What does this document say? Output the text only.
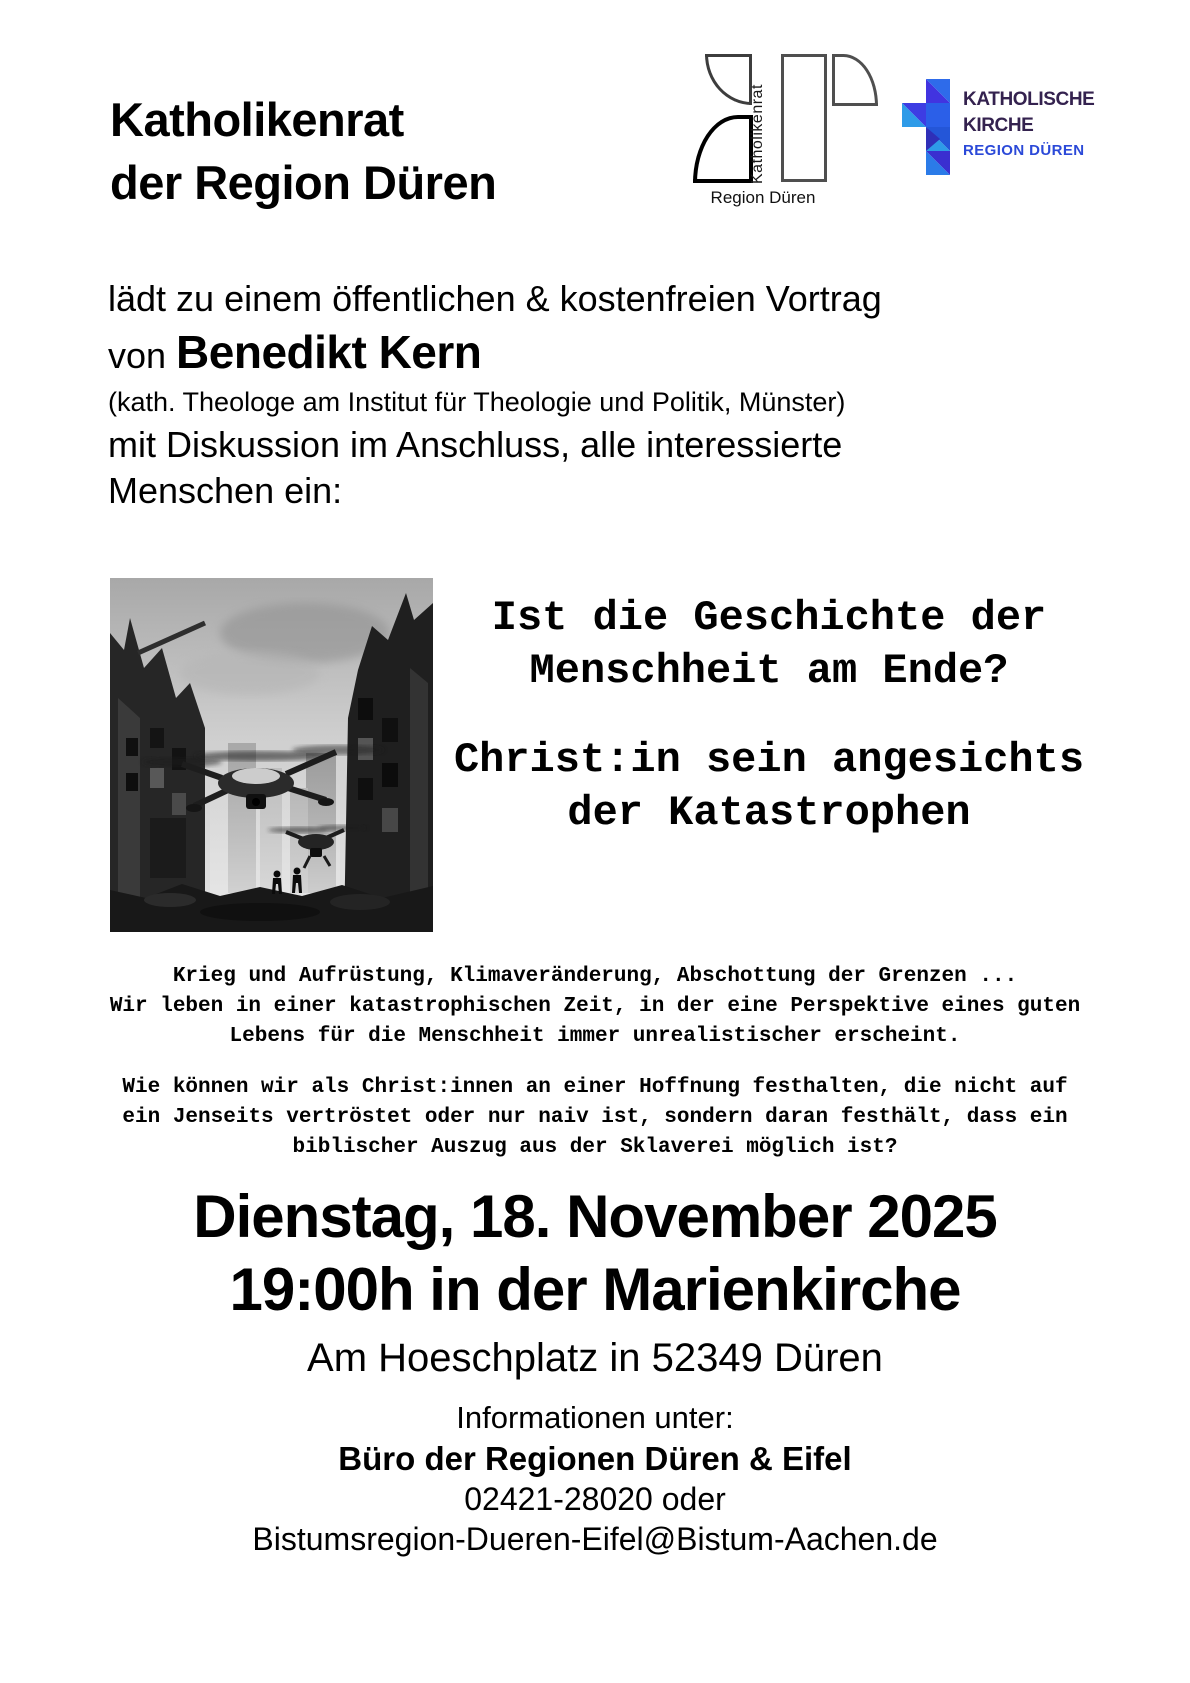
Katholikenrat
der Region Düren	Katholikenrat
Region Düren
KATHOLISCHE
KIRCHE
REGION DÜREN
lädt zu einem öffentlichen & kostenfreien Vortrag
von Benedikt Kern
(kath. Theologe am Institut für Theologie und Politik, Münster)
mit Diskussion im Anschluss, alle interessierte
Menschen ein:
Ist die Geschichte der
Menschheit am Ende?
Christ:in sein angesichts
der Katastrophen
Krieg und Aufrüstung, Klimaveränderung, Abschottung der Grenzen ...
Wir leben in einer katastrophischen Zeit, in der eine Perspektive eines guten
Lebens für die Menschheit immer unrealistischer erscheint.
Wie können wir als Christ:innen an einer Hoffnung festhalten, die nicht auf
ein Jenseits vertröstet oder nur naiv ist, sondern daran festhält, dass ein
biblischer Auszug aus der Sklaverei möglich ist?
Dienstag, 18. November 2025
19:00h in der Marienkirche
Am Hoeschplatz in 52349 Düren
Informationen unter:
Büro der Regionen Düren & Eifel
02421-28020 oder
Bistumsregion-Dueren-Eifel@Bistum-Aachen.de
